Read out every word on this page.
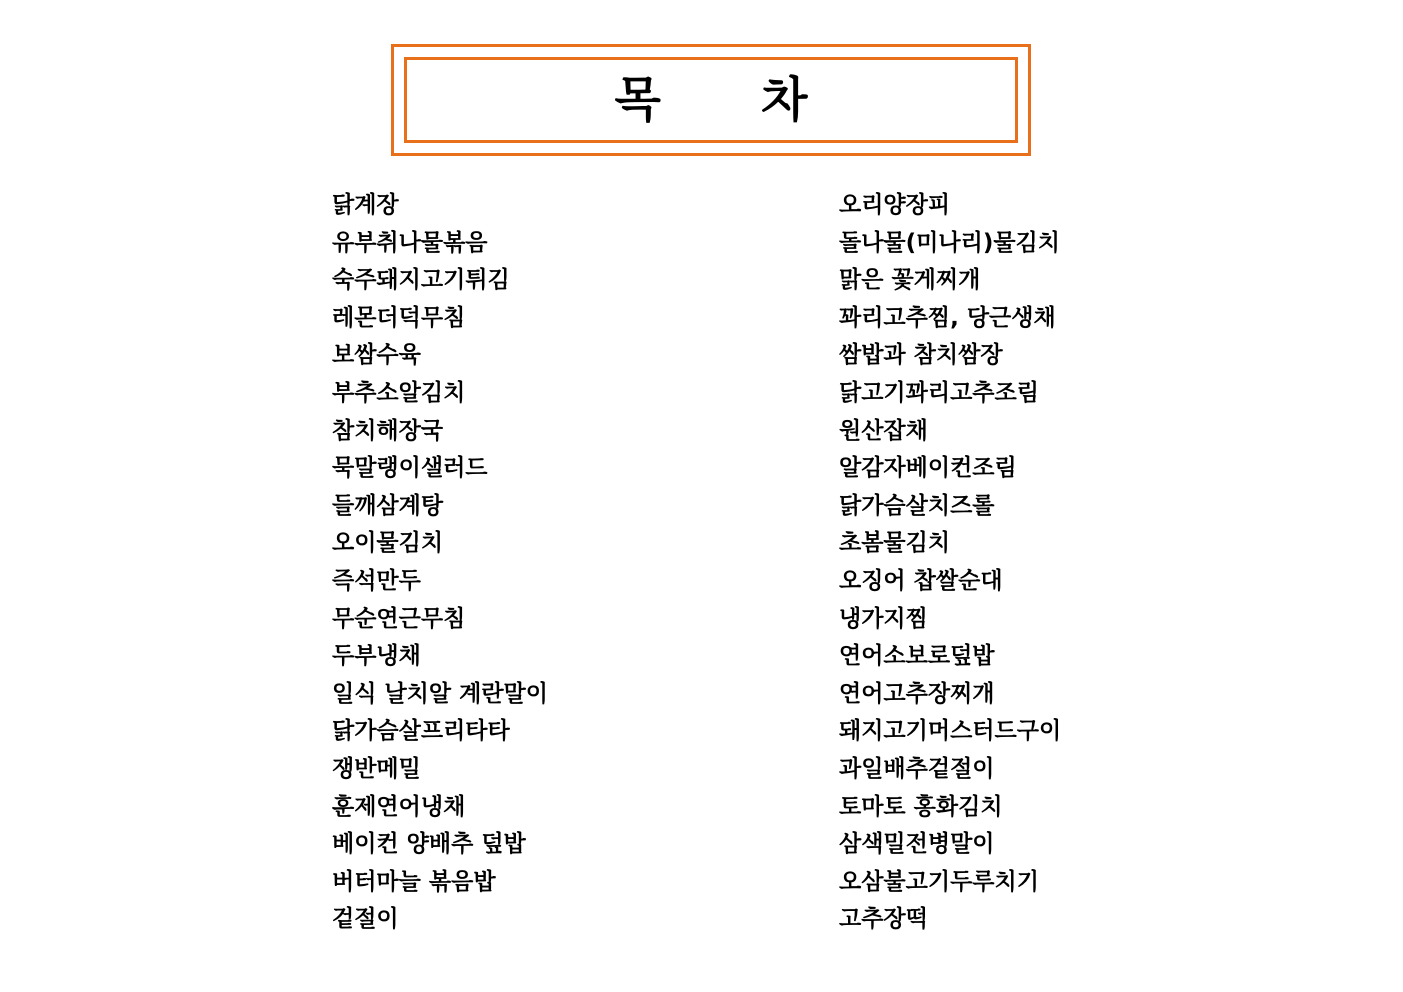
목      차
닭계장
유부취나물볶음
숙주돼지고기튀김
레몬더덕무침
보쌈수육
부추소알김치
참치해장국
묵말랭이샐러드
들깨삼계탕
오이물김치
즉석만두
무순연근무침
두부냉채
일식 날치알 계란말이
닭가슴살프리타타
쟁반메밀
훈제연어냉채
베이컨 양배추 덮밥
버터마늘 볶음밥
겉절이
오리양장피
돌나물(미나리)물김치
맑은 꽃게찌개
꽈리고추찜, 당근생채
쌈밥과 참치쌈장
닭고기꽈리고추조림
원산잡채
알감자베이컨조림
닭가슴살치즈롤
초봄물김치
오징어 찹쌀순대
냉가지찜
연어소보로덮밥
연어고추장찌개
돼지고기머스터드구이
과일배추겉절이
토마토 홍화김치
삼색밀전병말이
오삼불고기두루치기
고추장떡
